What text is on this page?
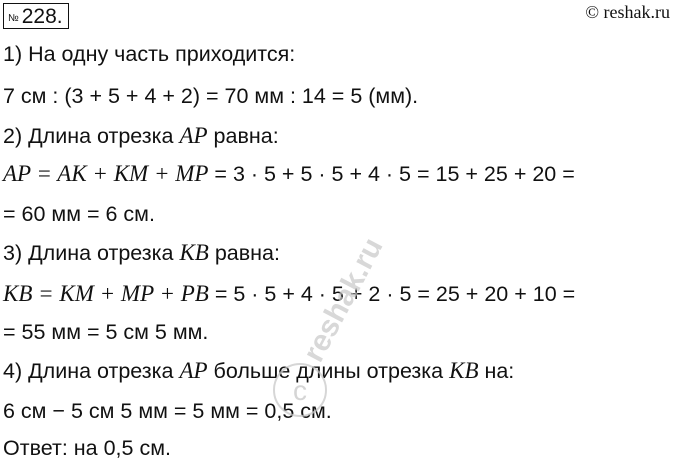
№ 228.	© reshak.ru
1) На одну часть приходится:
7 см : (3 + 5 + 4 + 2) = 70 мм : 14 = 5 (мм).
2) Длина отрезка AP равна:
AP = AK + KM + MP = 3 · 5 + 5 · 5 + 4 · 5 = 15 + 25 + 20 =
= 60 мм = 6 см.
3) Длина отрезка KB равна:
KB = KM + MP + PB = 5 · 5 + 4 · 5 + 2 · 5 = 25 + 20 + 10 =
= 55 мм = 5 см 5 мм.
4) Длина отрезка AP больше длины отрезка KB на:
6 см − 5 см 5 мм = 5 мм = 0,5 см.
Ответ: на 0,5 см.
c
reshak.ru
